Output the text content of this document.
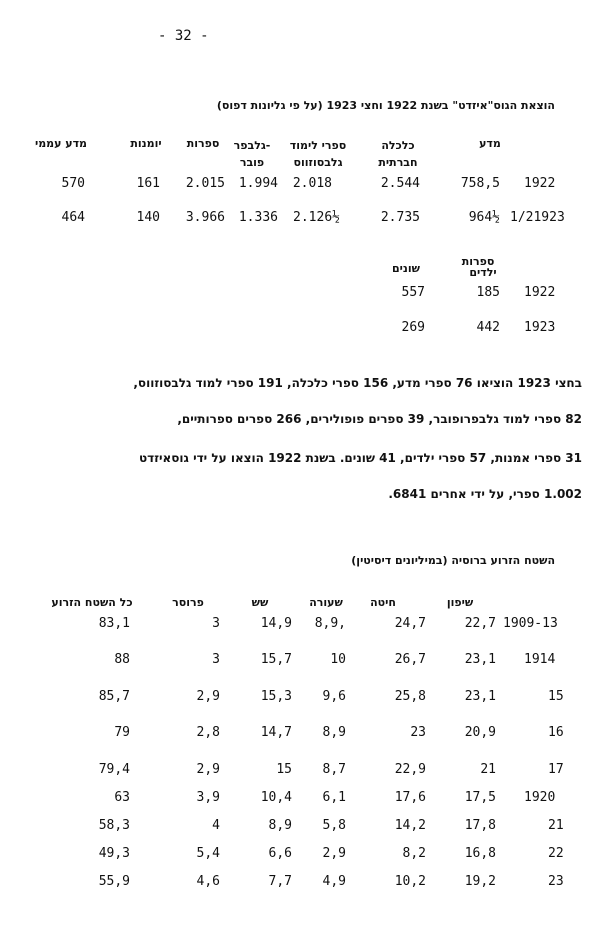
- 32 -
הוצאת הגוס"איזדט" בשנת 1922 וחצי 1923 (על פי גליונות דפוס)
מדע
כלכלה
חברתית
ספרי לימוד
גלבסוזווס
גלבפר-
פובר
ספרות
יומנות
מדע עממי
1922
758,5
2.544
2.018
1.994
2.015
161
570
1/21923
964½
2.735
2.126½
1.336
3.966
140
464
ספרות
ילדים
שונים
1922
185
557
1923
442
269
בחצי 1923 הוציאו 76 ספרי מדע, 156 ספרי כלכלה, 191 ספרי למוד גלבסוזווס,
82 ספרי למוד גלבפרופובר, 39 ספרים פופולירים, 266 ספרים ספרותיים,
31 ספרי אמנות, 57 ספרי ילדים, 41 שונים. בשנת 1922 הוצאו על ידי גוסאיזדט
1.002 ספרי, על ידי אחרים 6841.
השטח הזרוע ברוסיה (במיליונים דיסיטין)
שיפון
חיטה
שעורה
שש
פרוסר
כל השטח הזרוע
1909-13
22,7
24,7
8,9,
14,9
3
83,1
1914
23,1
26,7
10
15,7
3
88
15
23,1
25,8
9,6
15,3
2,9
85,7
16
20,9
23
8,9
14,7
2,8
79
17
21
22,9
8,7
15
2,9
79,4
1920
17,5
17,6
6,1
10,4
3,9
63
21
17,8
14,2
5,8
8,9
4
58,3
22
16,8
8,2
2,9
6,6
5,4
49,3
23
19,2
10,2
4,9
7,7
4,6
55,9
